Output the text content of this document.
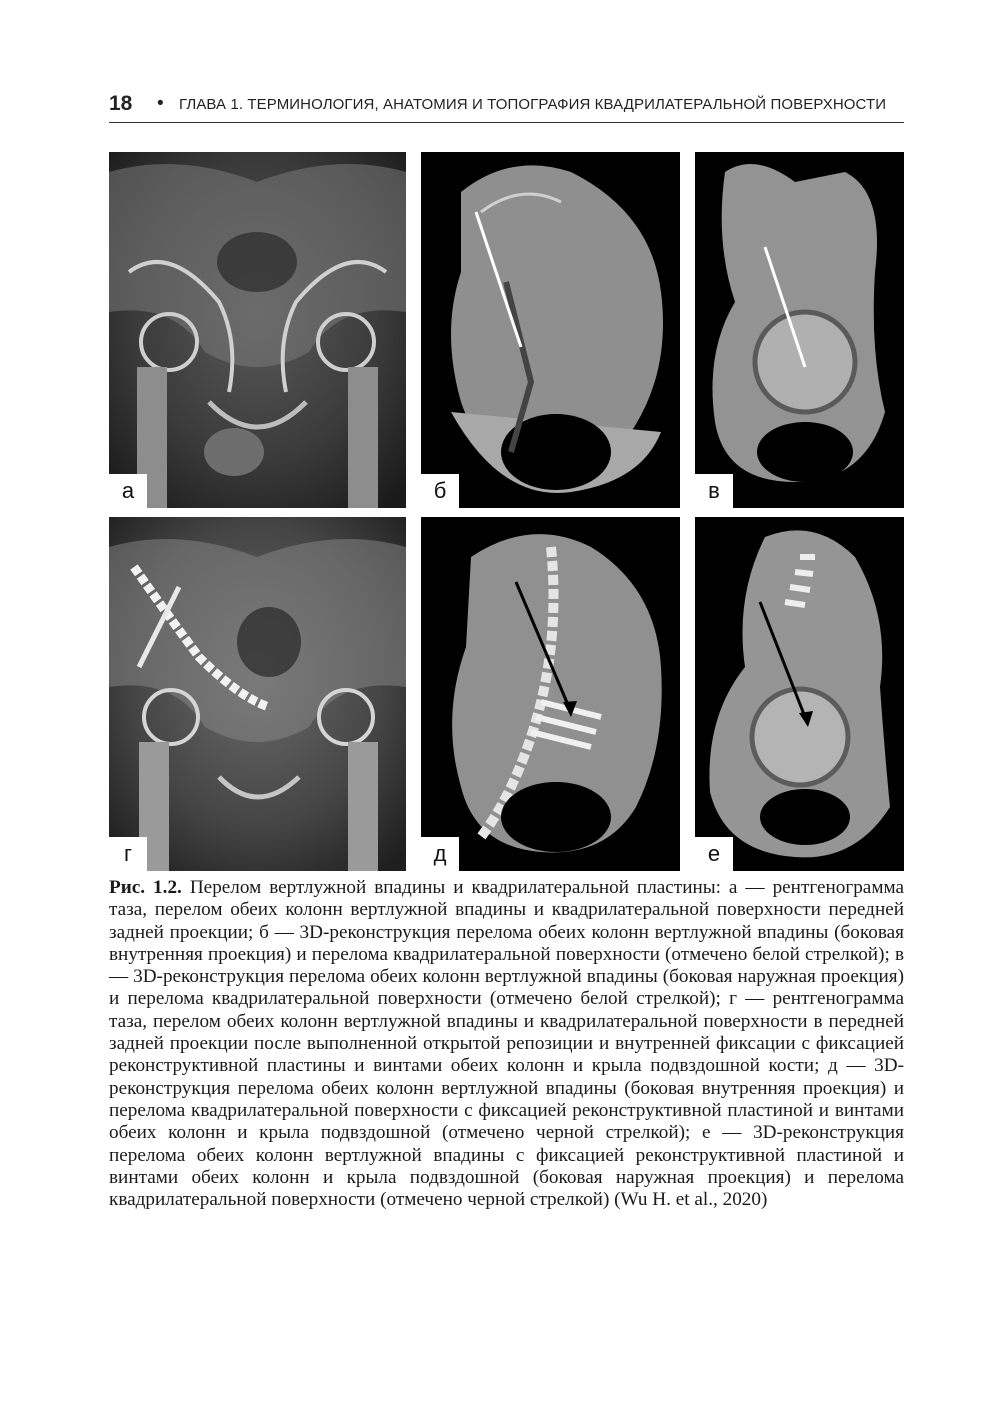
18 • ГЛАВА 1. ТЕРМИНОЛОГИЯ, АНАТОМИЯ И ТОПОГРАФИЯ КВАДРИЛАТЕРАЛЬНОЙ ПОВЕРХНОСТИ
а	б	в
г	д	е

Рис. 1.2. Перелом вертлужной впадины и квадрилатеральной пластины: а — рентгенограмма таза, перелом обеих колонн вертлужной впадины и квадрилатеральной поверхности передней задней проекции; б — 3D-реконструкция перелома обеих колонн вертлужной впадины (боковая внутренняя проекция) и перелома квадрилатеральной поверхности (отмечено белой стрелкой); в — 3D-реконструкция перелома обеих колонн вертлужной впадины (боковая наружная проекция) и перелома квадрилатеральной поверхности (отмечено белой стрелкой); г — рентгенограмма таза, перелом обеих колонн вертлужной впадины и квадрилатеральной поверхности в передней задней проекции после выполненной открытой репозиции и внутренней фиксации с фиксацией реконструктивной пластины и винтами обеих колонн и крыла подвздошной кости; д — 3D-реконструкция перелома обеих колонн вертлужной впадины (боковая внутренняя проекция) и перелома квадрилатеральной поверхности с фиксацией реконструктивной пластиной и винтами обеих колонн и крыла подвздошной (отмечено черной стрелкой); е — 3D-реконструкция перелома обеих колонн вертлужной впадины с фиксацией реконструктивной пластиной и винтами обеих колонн и крыла подвздошной (боковая наружная проекция) и перелома квадрилатеральной поверхности (отмечено черной стрелкой) (Wu H. et al., 2020)
